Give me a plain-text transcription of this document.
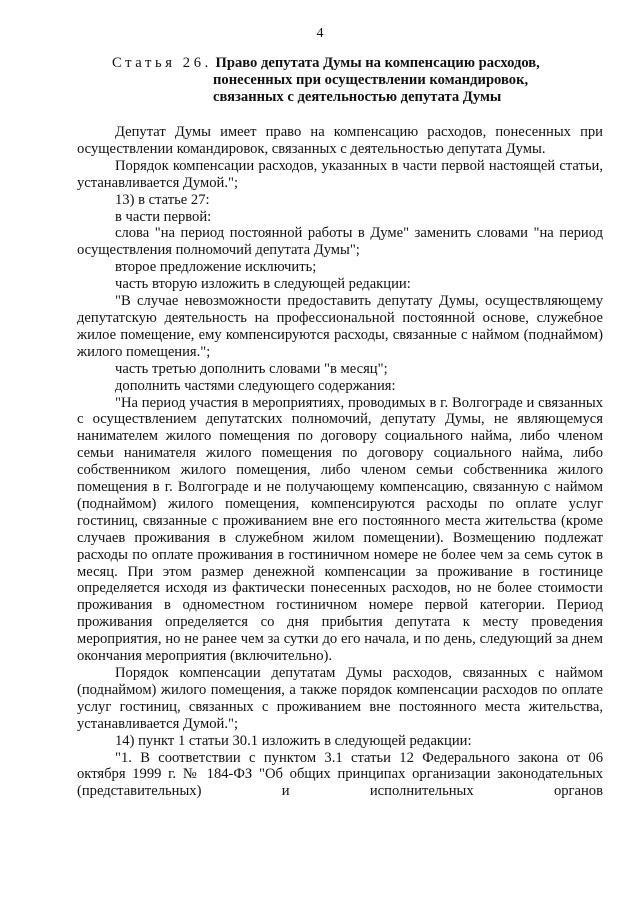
4
Статья 26. Право депутата Думы на компенсацию расходов,
понесенных при осуществлении командировок,
связанных с деятельностью депутата Думы

Депутат Думы имеет право на компенсацию расходов, понесенных при осуществлении командировок, связанных с деятельностью депутата Думы.

Порядок компенсации расходов, указанных в части первой настоящей статьи, устанавливается Думой.";

13) в статье 27:

в части первой:

слова "на период постоянной работы в Думе" заменить словами "на период осуществления полномочий депутата Думы";

второе предложение исключить;

часть вторую изложить в следующей редакции:

"В случае невозможности предоставить депутату Думы, осуществляющему депутатскую деятельность на профессиональной постоянной основе, служебное жилое помещение, ему компенсируются расходы, связанные с наймом (поднаймом) жилого помещения.";

часть третью дополнить словами "в месяц";

дополнить частями следующего содержания:

"На период участия в мероприятиях, проводимых в г. Волгограде и связанных с осуществлением депутатских полномочий, депутату Думы, не являющемуся нанимателем жилого помещения по договору социального найма, либо членом семьи нанимателя жилого помещения по договору социального найма, либо собственником жилого помещения, либо членом семьи собственника жилого помещения в г. Волгограде и не получающему компенсацию, связанную с наймом (поднаймом) жилого помещения, компенсируются расходы по оплате услуг гостиниц, связанные с проживанием вне его постоянного места жительства (кроме случаев проживания в служебном жилом помещении). Возмещению подлежат расходы по оплате проживания в гостиничном номере не более чем за семь суток в месяц. При этом размер денежной компенсации за проживание в гостинице определяется исходя из фактически понесенных расходов, но не более стоимости проживания в одноместном гостиничном номере первой категории. Период проживания определяется со дня прибытия депутата к месту проведения мероприятия, но не ранее чем за сутки до его начала, и по день, следующий за днем окончания мероприятия (включительно).

Порядок компенсации депутатам Думы расходов, связанных с наймом (поднаймом) жилого помещения, а также порядок компенсации расходов по оплате услуг гостиниц, связанных с проживанием вне постоянного места жительства, устанавливается Думой.";

14) пункт 1 статьи 30.1 изложить в следующей редакции:

"1. В соответствии с пунктом 3.1 статьи 12 Федерального закона от 06 октября 1999 г. № 184-ФЗ "Об общих принципах организации законодательных (представительных) и исполнительных органов
